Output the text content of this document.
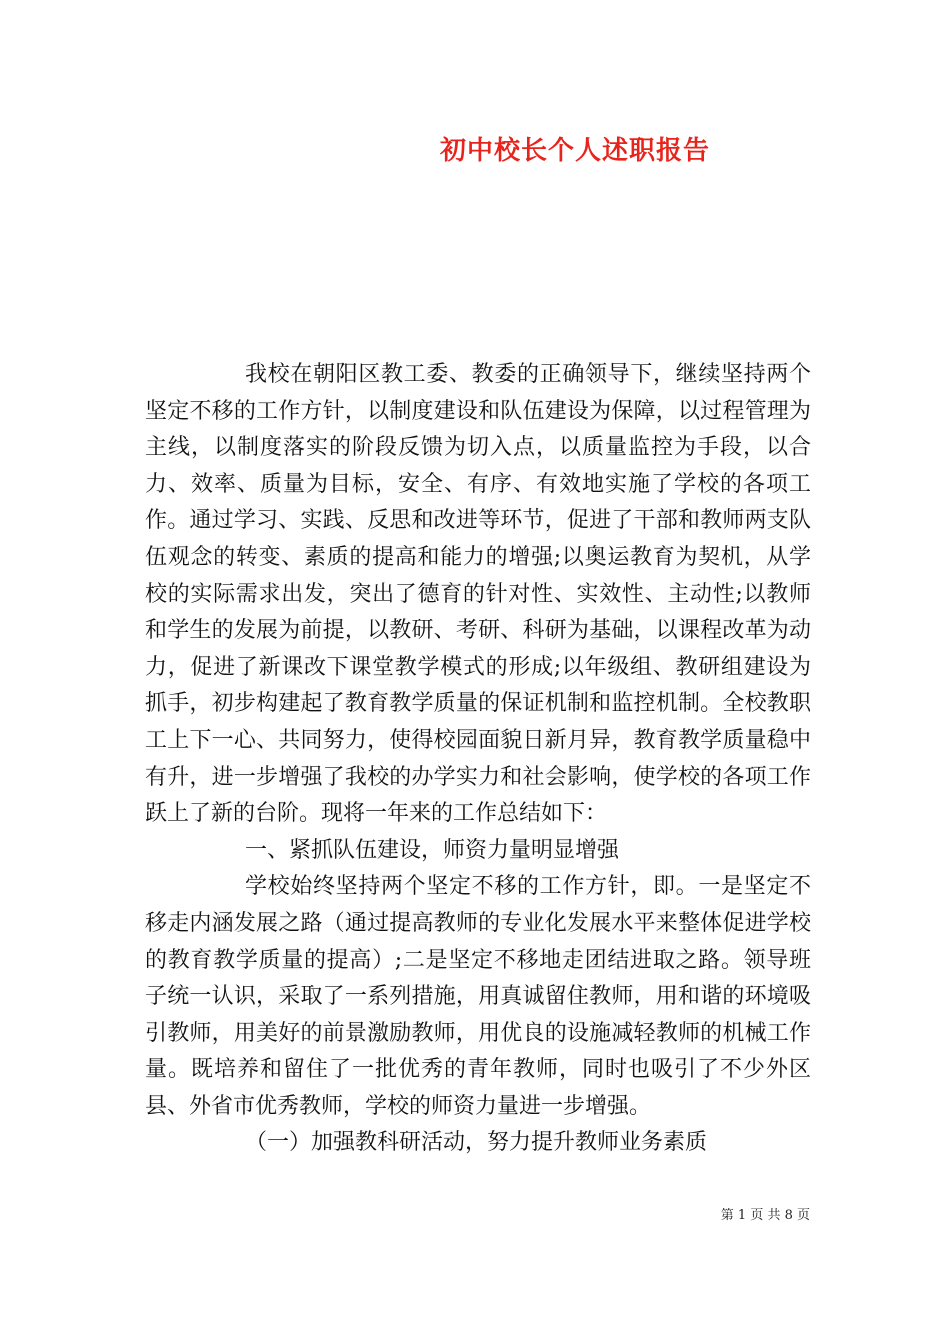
初中校长个人述职报告

我校在朝阳区教工委、教委的正确领导下，继续坚持两个坚定不移的工作方针，以制度建设和队伍建设为保障，以过程管理为主线，以制度落实的阶段反馈为切入点，以质量监控为手段，以合力、效率、质量为目标，安全、有序、有效地实施了学校的各项工作。通过学习、实践、反思和改进等环节，促进了干部和教师两支队伍观念的转变、素质的提高和能力的增强;以奥运教育为契机，从学校的实际需求出发，突出了德育的针对性、实效性、主动性;以教师和学生的发展为前提，以教研、考研、科研为基础，以课程改革为动力，促进了新课改下课堂教学模式的形成;以年级组、教研组建设为抓手，初步构建起了教育教学质量的保证机制和监控机制。全校教职工上下一心、共同努力，使得校园面貌日新月异，教育教学质量稳中有升，进一步增强了我校的办学实力和社会影响，使学校的各项工作跃上了新的台阶。现将一年来的工作总结如下：

一、紧抓队伍建设，师资力量明显增强

学校始终坚持两个坚定不移的工作方针，即。一是坚定不移走内涵发展之路（通过提高教师的专业化发展水平来整体促进学校的教育教学质量的提高）;二是坚定不移地走团结进取之路。领导班子统一认识，采取了一系列措施，用真诚留住教师，用和谐的环境吸引教师，用美好的前景激励教师，用优良的设施减轻教师的机械工作量。既培养和留住了一批优秀的青年教师，同时也吸引了不少外区县、外省市优秀教师，学校的师资力量进一步增强。

（一）加强教科研活动，努力提升教师业务素质

第 1 页 共 8 页
